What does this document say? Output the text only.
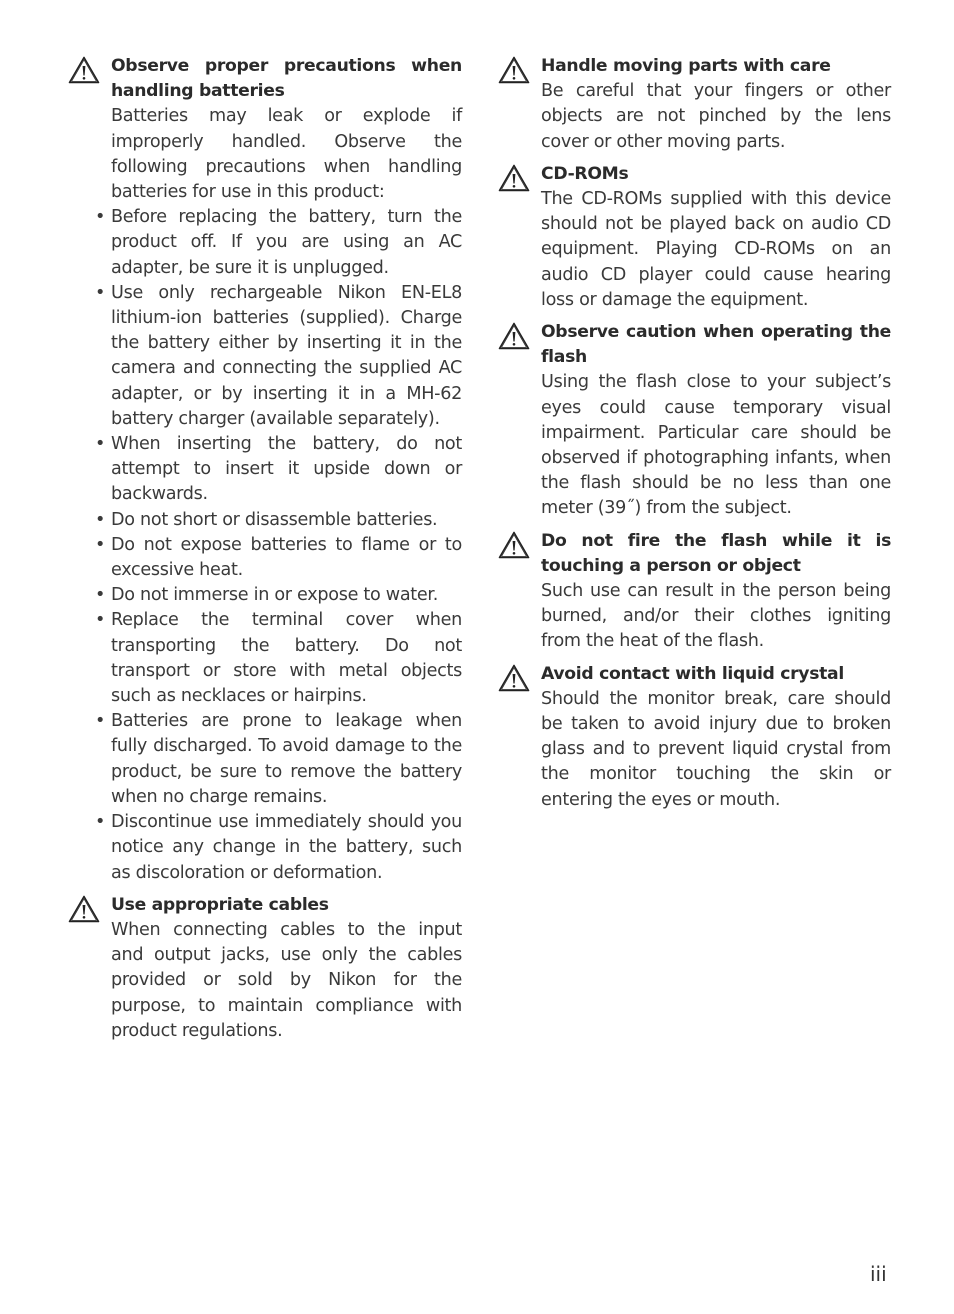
Observe proper precautions when handling batteries
Batteries may leak or explode if improperly handled. Observe the following precautions when handling batteries for use in this product:
• Before replacing the battery, turn the product off. If you are using an AC adapter, be sure it is unplugged.
• Use only rechargeable Nikon EN-EL8 lithium-ion batteries (supplied). Charge the battery either by inserting it in the camera and connecting the supplied AC adapter, or by inserting it in a MH-62 battery charger (available separately).
• When inserting the battery, do not attempt to insert it upside down or backwards.
• Do not short or disassemble batteries.
• Do not expose batteries to flame or to excessive heat.
• Do not immerse in or expose to water.
• Replace the terminal cover when transporting the battery. Do not transport or store with metal objects such as necklaces or hairpins.
• Batteries are prone to leakage when fully discharged. To avoid damage to the product, be sure to remove the battery when no charge remains.
• Discontinue use immediately should you notice any change in the battery, such as discoloration or deformation.
Use appropriate cables
When connecting cables to the input and output jacks, use only the cables provided or sold by Nikon for the purpose, to maintain compliance with product regulations.
Handle moving parts with care
Be careful that your fingers or other objects are not pinched by the lens cover or other moving parts.
CD-ROMs
The CD-ROMs supplied with this device should not be played back on audio CD equipment. Playing CD-ROMs on an audio CD player could cause hearing loss or damage the equipment.
Observe caution when operating the flash
Using the flash close to your subject’s eyes could cause temporary visual impairment. Particular care should be observed if photographing infants, when the flash should be no less than one meter (39˝) from the subject.
Do not fire the flash while it is touching a person or object
Such use can result in the person being burned, and/or their clothes igniting from the heat of the flash.
Avoid contact with liquid crystal
Should the monitor break, care should be taken to avoid injury due to broken glass and to prevent liquid crystal from the monitor touching the skin or entering the eyes or mouth.
iii
